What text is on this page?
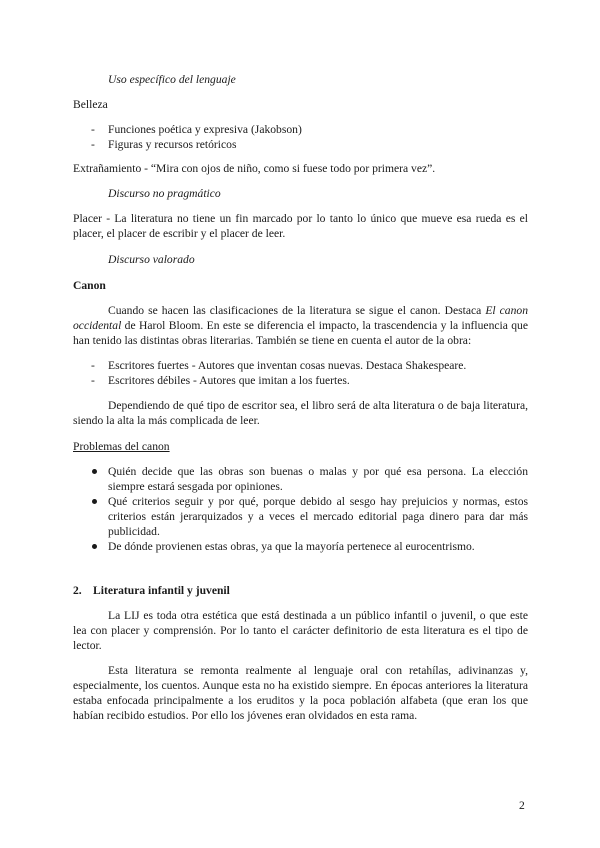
Uso específico del lenguaje

Belleza

- Funciones poética y expresiva (Jakobson)
- Figuras y recursos retóricos

Extrañamiento - “Mira con ojos de niño, como si fuese todo por primera vez”.

Discurso no pragmático

Placer - La literatura no tiene un fin marcado por lo tanto lo único que mueve esa rueda es el placer, el placer de escribir y el placer de leer.

Discurso valorado

Canon

Cuando se hacen las clasificaciones de la literatura se sigue el canon. Destaca El canon occidental de Harol Bloom. En este se diferencia el impacto, la trascendencia y la influencia que han tenido las distintas obras literarias. También se tiene en cuenta el autor de la obra:

- Escritores fuertes - Autores que inventan cosas nuevas. Destaca Shakespeare.
- Escritores débiles - Autores que imitan a los fuertes.

Dependiendo de qué tipo de escritor sea, el libro será de alta literatura o de baja literatura, siendo la alta la más complicada de leer.

Problemas del canon

Quién decide que las obras son buenas o malas y por qué esa persona. La elección siempre estará sesgada por opiniones.
Qué criterios seguir y por qué, porque debido al sesgo hay prejuicios y normas, estos criterios están jerarquizados y a veces el mercado editorial paga dinero para dar más publicidad.
De dónde provienen estas obras, ya que la mayoría pertenece al eurocentrismo.

2. Literatura infantil y juvenil

La LIJ es toda otra estética que está destinada a un público infantil o juvenil, o que este lea con placer y comprensión. Por lo tanto el carácter definitorio de esta literatura es el tipo de lector.

Esta literatura se remonta realmente al lenguaje oral con retahílas, adivinanzas y, especialmente, los cuentos. Aunque esta no ha existido siempre. En épocas anteriores la literatura estaba enfocada principalmente a los eruditos y la poca población alfabeta (que eran los que habían recibido estudios. Por ello los jóvenes eran olvidados en esta rama.

2
